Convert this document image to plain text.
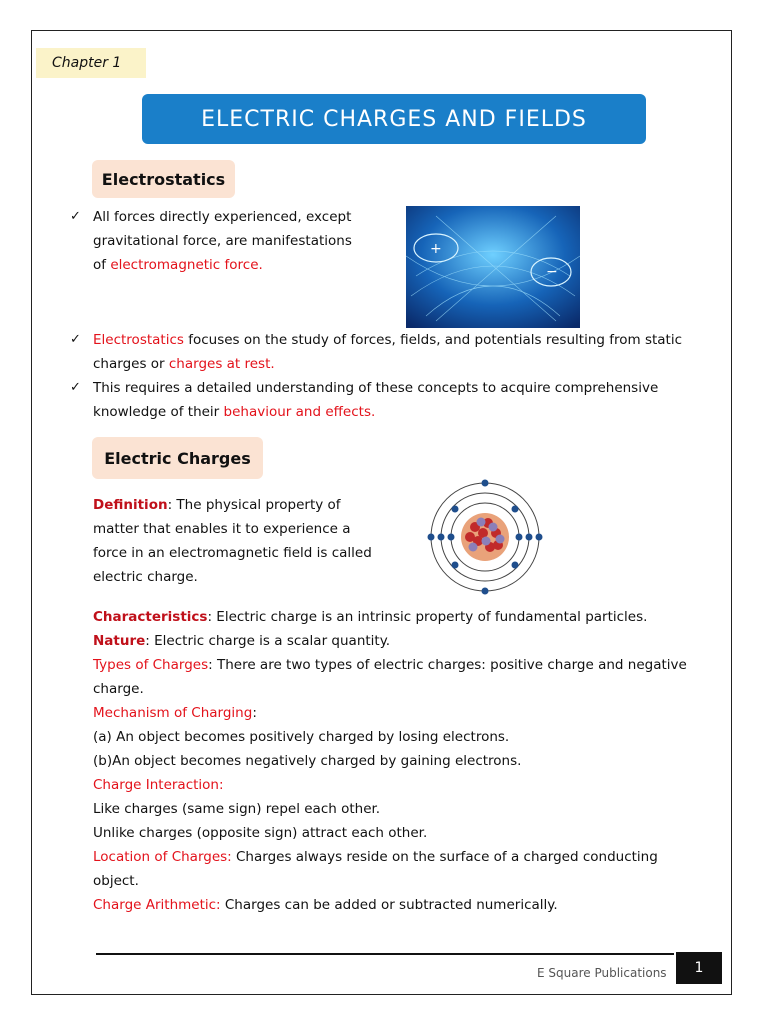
Chapter 1
ELECTRIC CHARGES AND FIELDS
Electrostatics
✓ All forces directly experienced, except gravitational force, are manifestations of electromagnetic force.
+
−
✓ Electrostatics focuses on the study of forces, fields, and potentials resulting from static charges or charges at rest.
✓ This requires a detailed understanding of these concepts to acquire comprehensive knowledge of their behaviour and effects.
Electric Charges
Definition: The physical property of matter that enables it to experience a force in an electromagnetic field is called electric charge.
Characteristics: Electric charge is an intrinsic property of fundamental particles.
Nature: Electric charge is a scalar quantity.
Types of Charges: There are two types of electric charges: positive charge and negative charge.
Mechanism of Charging:
(a) An object becomes positively charged by losing electrons.
(b)An object becomes negatively charged by gaining electrons.
Charge Interaction:
Like charges (same sign) repel each other.
Unlike charges (opposite sign) attract each other.
Location of Charges: Charges always reside on the surface of a charged conducting object.
Charge Arithmetic: Charges can be added or subtracted numerically.
E Square Publications	1
